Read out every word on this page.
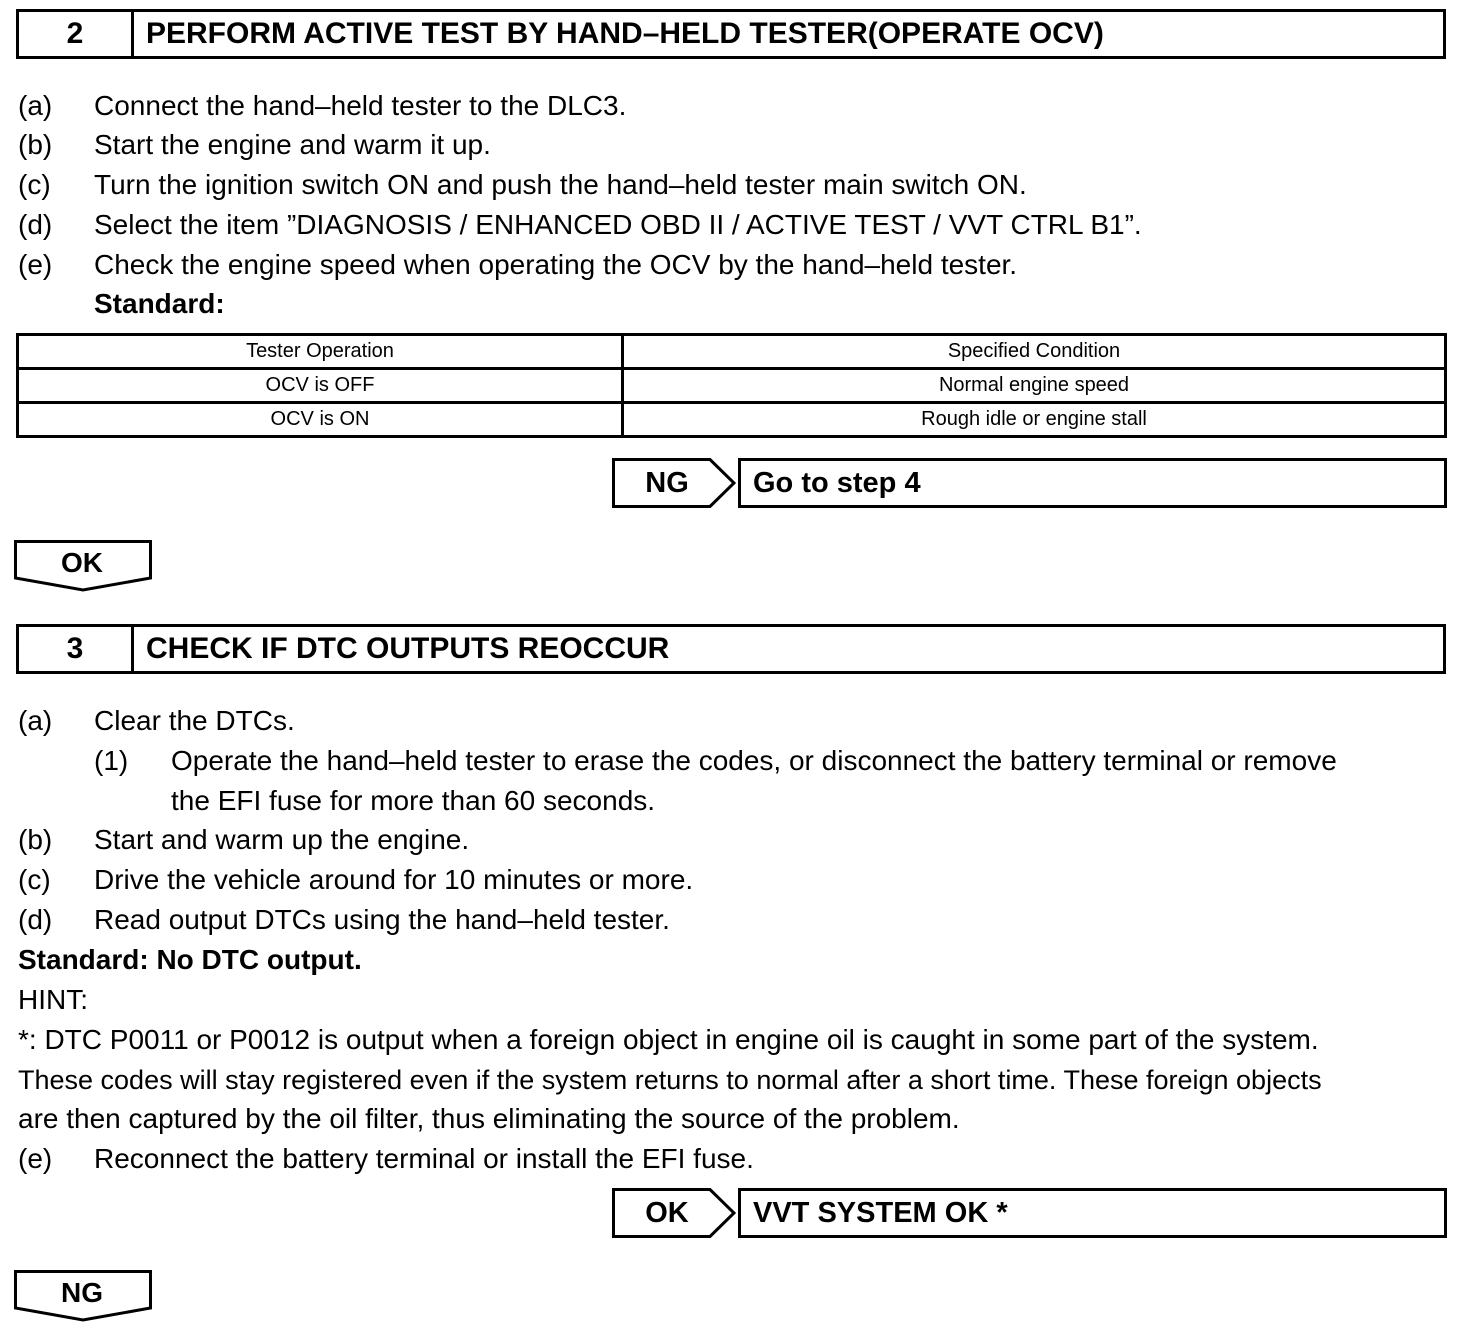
2	PERFORM ACTIVE TEST BY HAND–HELD TESTER(OPERATE OCV)
(a) Connect the hand–held tester to the DLC3.
(b) Start the engine and warm it up.
(c) Turn the ignition switch ON and push the hand–held tester main switch ON.
(d) Select the item ”DIAGNOSIS / ENHANCED OBD II / ACTIVE TEST / VVT CTRL B1”.
(e) Check the engine speed when operating the OCV by the hand–held tester.
Standard:
Tester Operation	Specified Condition
OCV is OFF	Normal engine speed
OCV is ON	Rough idle or engine stall
NG	Go to step 4
OK
3	CHECK IF DTC OUTPUTS REOCCUR
(a) Clear the DTCs.
(1) Operate the hand–held tester to erase the codes, or disconnect the battery terminal or remove
the EFI fuse for more than 60 seconds.
(b) Start and warm up the engine.
(c) Drive the vehicle around for 10 minutes or more.
(d) Read output DTCs using the hand–held tester.
Standard: No DTC output.
HINT:
*: DTC P0011 or P0012 is output when a foreign object in engine oil is caught in some part of the system.
These codes will stay registered even if the system returns to normal after a short time. These foreign objects
are then captured by the oil filter, thus eliminating the source of the problem.
(e) Reconnect the battery terminal or install the EFI fuse.
OK	VVT SYSTEM OK *
NG
